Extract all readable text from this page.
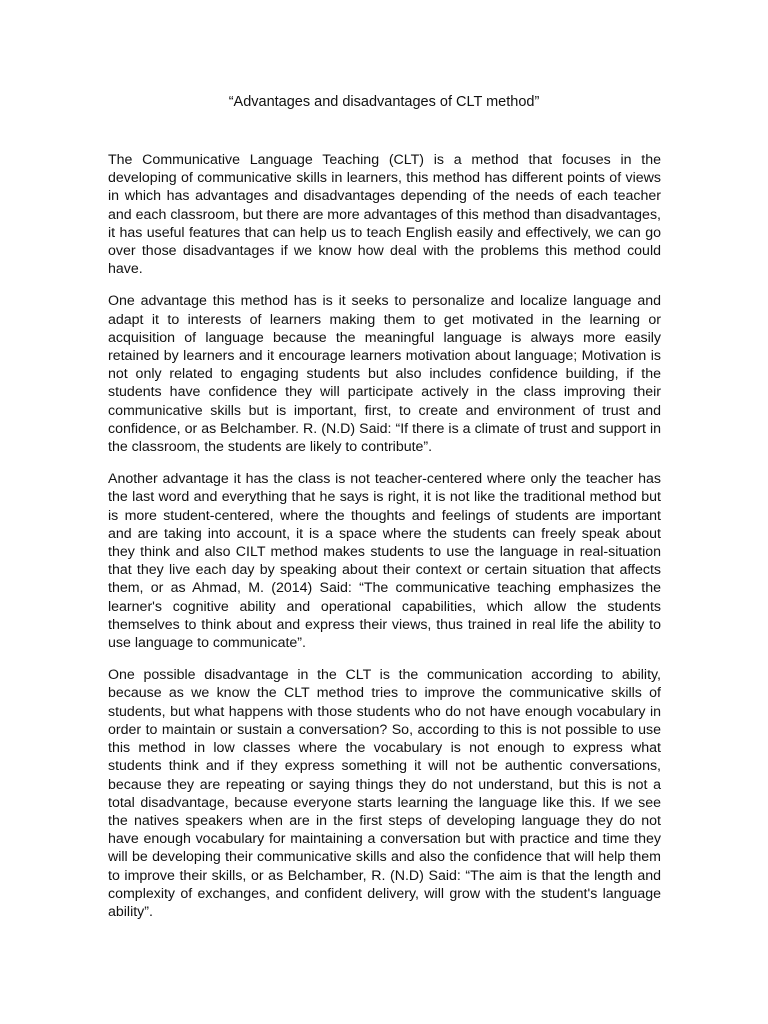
“Advantages and disadvantages of CLT method”

The Communicative Language Teaching (CLT) is a method that focuses in the developing of communicative skills in learners, this method has different points of views in which has advantages and disadvantages depending of the needs of each teacher and each classroom, but there are more advantages of this method than disadvantages, it has useful features that can help us to teach English easily and effectively, we can go over those disadvantages if we know how deal with the problems this method could have.

One advantage this method has is it seeks to personalize and localize language and adapt it to interests of learners making them to get motivated in the learning or acquisition of language because the meaningful language is always more easily retained by learners and it encourage learners motivation about language; Motivation is not only related to engaging students but also includes confidence building, if the students have confidence they will participate actively in the class improving their communicative skills but is important, first, to create and environment of trust and confidence, or as Belchamber. R. (N.D) Said: “If there is a climate of trust and support in the classroom, the students are likely to contribute”.

Another advantage it has the class is not teacher-centered where only the teacher has the last word and everything that he says is right, it is not like the traditional method but is more student-centered, where the thoughts and feelings of students are important and are taking into account, it is a space where the students can freely speak about they think and also CILT method makes students to use the language in real-situation that they live each day by speaking about their context or certain situation that affects them, or as Ahmad, M. (2014) Said: “The communicative teaching emphasizes the learner's cognitive ability and operational capabilities, which allow the students themselves to think about and express their views, thus trained in real life the ability to use language to communicate”.

One possible disadvantage in the CLT is the communication according to ability, because as we know the CLT method tries to improve the communicative skills of students, but what happens with those students who do not have enough vocabulary in order to maintain or sustain a conversation? So, according to this is not possible to use this method in low classes where the vocabulary is not enough to express what students think and if they express something it will not be authentic conversations, because they are repeating or saying things they do not understand, but this is not a total disadvantage, because everyone starts learning the language like this. If we see the natives speakers when are in the first steps of developing language they do not have enough vocabulary for maintaining a conversation but with practice and time they will be developing their communicative skills and also the confidence that will help them to improve their skills, or as Belchamber, R. (N.D) Said: “The aim is that the length and complexity of exchanges, and confident delivery, will grow with the student's language ability”.
